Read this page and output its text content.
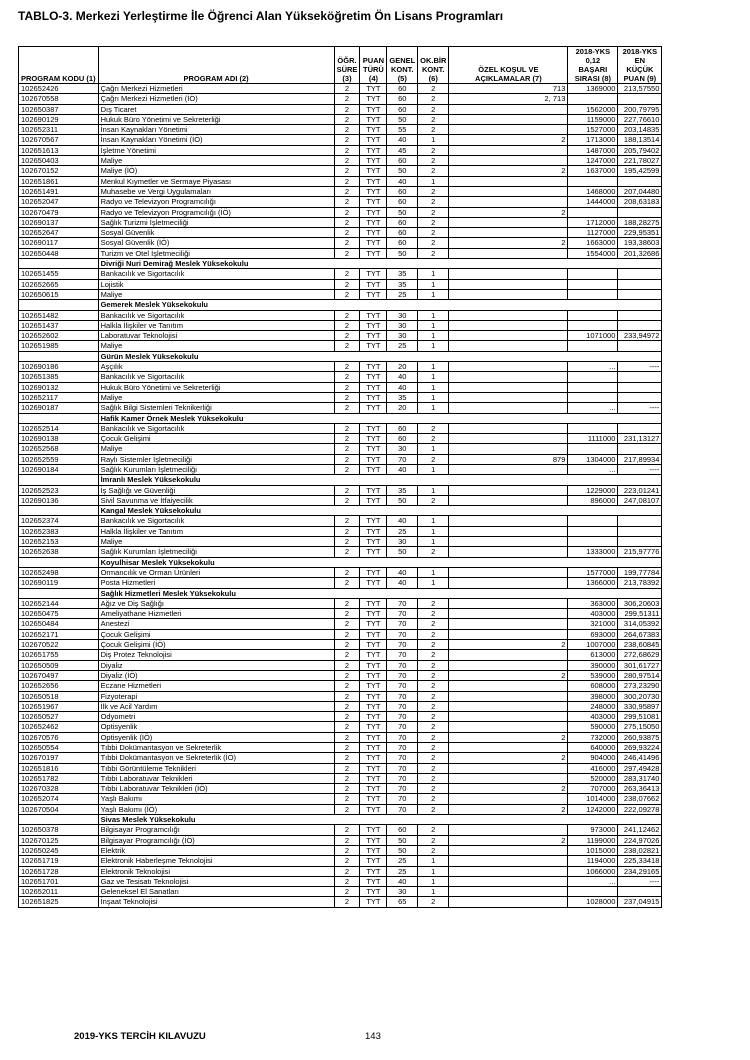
TABLO-3. Merkezi Yerleştirme İle Öğrenci Alan Yükseköğretim Ön Lisans Programları
PROGRAM KODU (1)	PROGRAM ADI (2)	ÖĞR. SÜRE (3)	PUAN TÜRÜ (4)	GENEL KONT. (5)	OK.BİR KONT. (6)	ÖZEL KOŞUL VE AÇIKLAMALAR (7)	2018-YKS 0,12 BAŞARI SIRASI (8)	2018-YKS EN KÜÇÜK PUAN (9)
102652426	Çağrı Merkezi Hizmetleri	2	TYT	60	2	713	1369000	213,57550
102670558	Çağrı Merkezi Hizmetleri (İÖ)	2	TYT	60	2	2, 713		
102650387	Dış Ticaret	2	TYT	60	2		1562000	200,79795
102690129	Hukuk Büro Yönetimi ve Sekreterliği	2	TYT	50	2		1159000	227,76610
102652311	İnsan Kaynakları Yönetimi	2	TYT	55	2		1527000	203,14835
102670567	İnsan Kaynakları Yönetimi (İÖ)	2	TYT	40	1	2	1713000	188,13514
102651613	İşletme Yönetimi	2	TYT	45	2		1487000	205,79402
102650403	Maliye	2	TYT	60	2		1247000	221,78027
102670152	Maliye (İÖ)	2	TYT	50	2	2	1637000	195,42599
102651861	Menkul Kıymetler ve Sermaye Piyasası	2	TYT	40	1			
102651491	Muhasebe ve Vergi Uygulamaları	2	TYT	60	2		1468000	207,04480
102652047	Radyo ve Televizyon Programcılığı	2	TYT	60	2		1444000	208,63183
102670479	Radyo ve Televizyon Programcılığı (İÖ)	2	TYT	50	2	2		
102690137	Sağlık Turizmi İşletmeciliği	2	TYT	60	2		1712000	188,28275
102652647	Sosyal Güvenlik	2	TYT	60	2		1127000	229,95351
102690117	Sosyal Güvenlik (İÖ)	2	TYT	60	2	2	1663000	193,38603
102650448	Turizm ve Otel İşletmeciliği	2	TYT	50	2		1554000	201,32686
	Divriği Nuri Demirağ Meslek Yüksekokulu							
102651455	Bankacılık ve Sigortacılık	2	TYT	35	1			
102652665	Lojistik	2	TYT	35	1			
102650615	Maliye	2	TYT	25	1			
	Gemerek Meslek Yüksekokulu							
102651482	Bankacılık ve Sigortacılık	2	TYT	30	1			
102651437	Halkla İlişkiler ve Tanıtım	2	TYT	30	1			
102652602	Laboratuvar Teknolojisi	2	TYT	30	1		1071000	233,94972
102651985	Maliye	2	TYT	25	1			
	Gürün Meslek Yüksekokulu							
102690186	Aşçılık	2	TYT	20	1		...	----
102651385	Bankacılık ve Sigortacılık	2	TYT	40	1			
102690132	Hukuk Büro Yönetimi ve Sekreterliği	2	TYT	40	1			
102652117	Maliye	2	TYT	35	1			
102690187	Sağlık Bilgi Sistemleri Teknikerliği	2	TYT	20	1		...	----
	Hafik Kamer Örnek Meslek Yüksekokulu							
102652514	Bankacılık ve Sigortacılık	2	TYT	60	2			
102690138	Çocuk Gelişimi	2	TYT	60	2		1111000	231,13127
102652568	Maliye	2	TYT	30	1			
102652559	Raylı Sistemler İşletmeciliği	2	TYT	70	2	879	1304000	217,89934
102690184	Sağlık Kurumları İşletmeciliği	2	TYT	40	1		...	----
	İmranlı Meslek Yüksekokulu							
102652523	İş Sağlığı ve Güvenliği	2	TYT	35	1		1229000	223,01241
102690136	Sivil Savunma ve İtfaiyecilik	2	TYT	50	2		896000	247,08107
	Kangal Meslek Yüksekokulu							
102652374	Bankacılık ve Sigortacılık	2	TYT	40	1			
102652383	Halkla İlişkiler ve Tanıtım	2	TYT	25	1			
102652153	Maliye	2	TYT	30	1			
102652638	Sağlık Kurumları İşletmeciliği	2	TYT	50	2		1333000	215,97776
	Koyulhisar Meslek Yüksekokulu							
102652498	Ormancılık ve Orman Ürünleri	2	TYT	40	1		1577000	199,77784
102690119	Posta Hizmetleri	2	TYT	40	1		1366000	213,78392
	Sağlık Hizmetleri Meslek Yüksekokulu							
102652144	Ağız ve Diş Sağlığı	2	TYT	70	2		363000	306,20603
102650475	Ameliyathane Hizmetleri	2	TYT	70	2		403000	299,51311
102650484	Anestezi	2	TYT	70	2		321000	314,05392
102652171	Çocuk Gelişimi	2	TYT	70	2		693000	264,67383
102670522	Çocuk Gelişimi (İÖ)	2	TYT	70	2	2	1007000	238,60845
102651755	Diş Protez Teknolojisi	2	TYT	70	2		613000	272,68629
102650509	Diyaliz	2	TYT	70	2		390000	301,61727
102670497	Diyaliz (İÖ)	2	TYT	70	2	2	539000	280,97514
102652656	Eczane Hizmetleri	2	TYT	70	2		608000	273,23290
102650518	Fizyoterapi	2	TYT	70	2		398000	300,20730
102651967	İlk ve Acil Yardım	2	TYT	70	2		248000	330,95897
102650527	Odyometri	2	TYT	70	2		403000	299,51081
102652462	Optisyenlik	2	TYT	70	2		590000	275,15050
102670576	Optisyenlik (İÖ)	2	TYT	70	2	2	732000	260,93875
102650554	Tıbbi Dokümantasyon ve Sekreterlik	2	TYT	70	2		640000	269,93224
102670197	Tıbbi Dokümantasyon ve Sekreterlik (İÖ)	2	TYT	70	2	2	904000	246,41496
102651816	Tıbbi Görüntüleme Teknikleri	2	TYT	70	2		416000	297,49428
102651782	Tıbbi Laboratuvar Teknikleri	2	TYT	70	2		520000	283,31740
102670328	Tıbbi Laboratuvar Teknikleri (İÖ)	2	TYT	70	2	2	707000	263,36413
102652074	Yaşlı Bakımı	2	TYT	70	2		1014000	238,07662
102670504	Yaşlı Bakımı (İÖ)	2	TYT	70	2	2	1242000	222,09278
	Sivas Meslek Yüksekokulu							
102650378	Bilgisayar Programcılığı	2	TYT	60	2		973000	241,12462
102670125	Bilgisayar Programcılığı (İÖ)	2	TYT	50	2	2	1199000	224,97026
102650245	Elektrik	2	TYT	50	2		1015000	238,02821
102651719	Elektronik Haberleşme Teknolojisi	2	TYT	25	1		1194000	225,33418
102651728	Elektronik Teknolojisi	2	TYT	25	1		1066000	234,29165
102651701	Gaz ve Tesisatı Teknolojisi	2	TYT	40	1		...	----
102652011	Geleneksel El Sanatları	2	TYT	30	1			
102651825	İnşaat Teknolojisi	2	TYT	65	2		1028000	237,04915
2019-YKS TERCİH KILAVUZU	143
